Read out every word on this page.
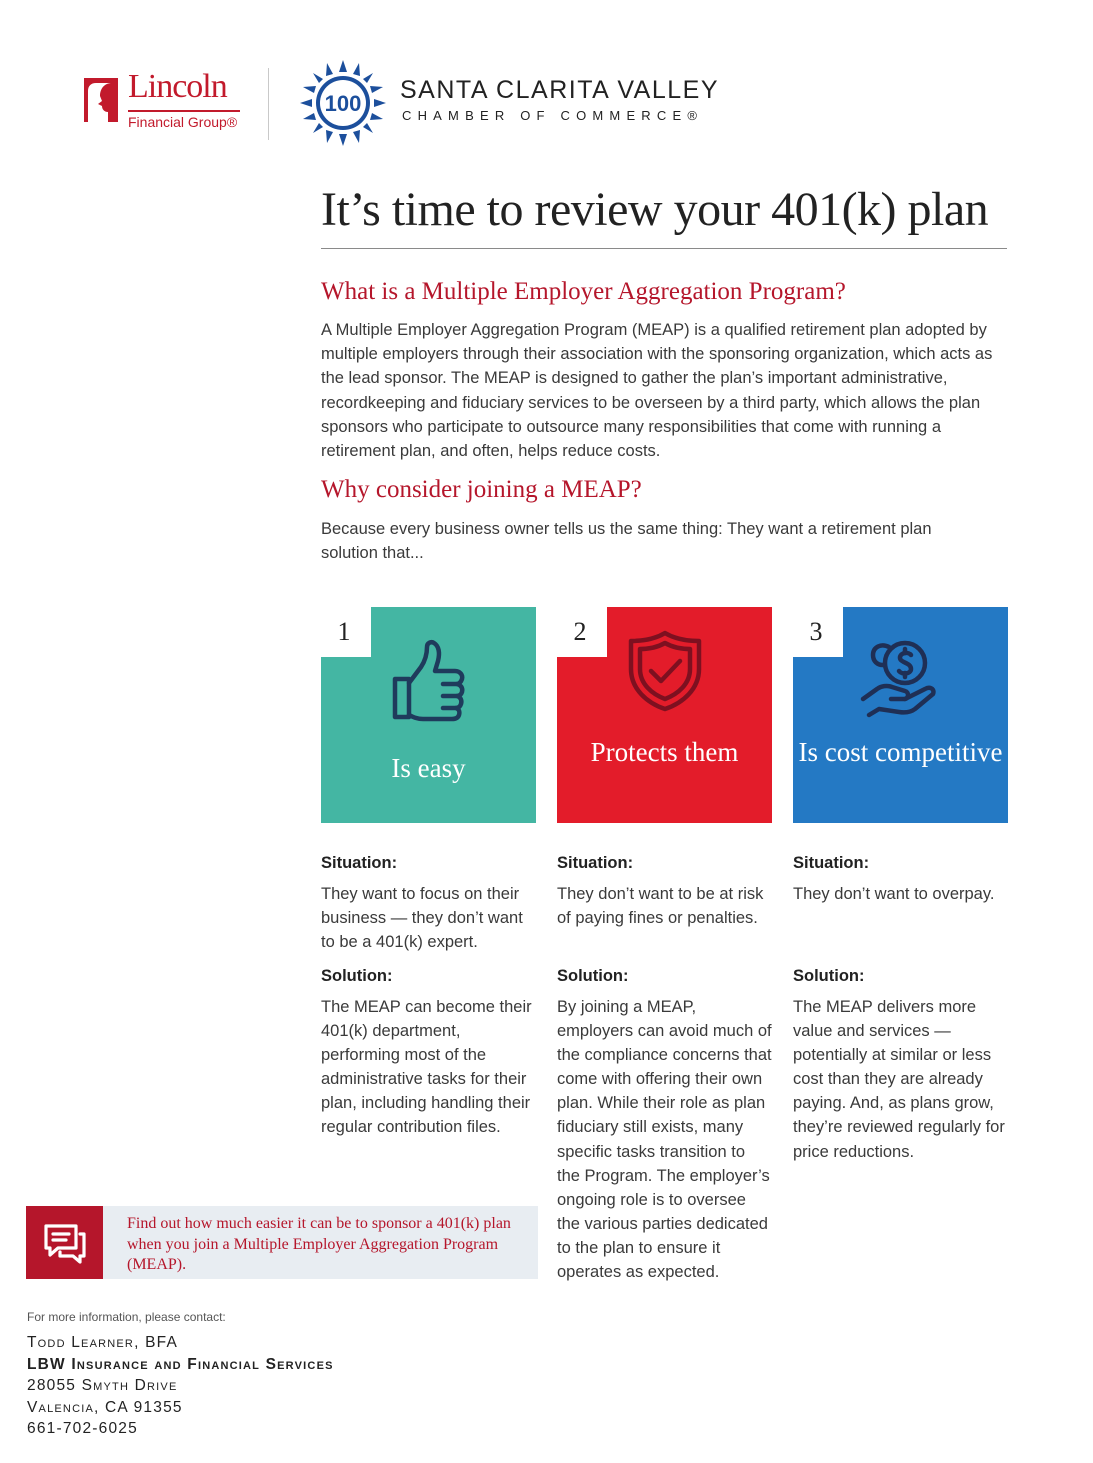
Lincoln
Financial Group®
100 SANTA CLARITA VALLEY
CHAMBER OF COMMERCE®
It’s time to review your 401(k) plan
What is a Multiple Employer Aggregation Program?

A Multiple Employer Aggregation Program (MEAP) is a qualified retirement plan adopted by multiple employers through their association with the sponsoring organization, which acts as the lead sponsor. The MEAP is designed to gather the plan’s important administrative, recordkeeping and fiduciary services to be overseen by a third party, which allows the plan sponsors who participate to outsource many responsibilities that come with running a retirement plan, and often, helps reduce costs.

Why consider joining a MEAP?

Because every business owner tells us the same thing: They want a retirement plan solution that...

1
Is easy
2
Protects them
3
Is cost competitive

Situation:

They want to focus on their business — they don’t want to be a 401(k) expert.

Solution:

The MEAP can become their 401(k) department, performing most of the administrative tasks for their plan, including handling their regular contribution files.

Situation:

They don’t want to be at risk of paying fines or penalties.

Solution:

By joining a MEAP, employers can avoid much of the compliance concerns that come with offering their own plan. While their role as plan fiduciary still exists, many specific tasks transition to the Program. The employer’s ongoing role is to oversee the various parties dedicated to the plan to ensure it operates as expected.

Situation:

They don’t want to overpay.

Solution:

The MEAP delivers more value and services — potentially at similar or less cost than they are already paying. And, as plans grow, they’re reviewed regularly for price reductions.

Find out how much easier it can be to sponsor a 401(k) plan when you join a Multiple Employer Aggregation Program (MEAP).
For more information, please contact:
Todd Learner, BFA
LBW Insurance and Financial Services
28055 Smyth Drive
Valencia, CA 91355
661-702-6025
